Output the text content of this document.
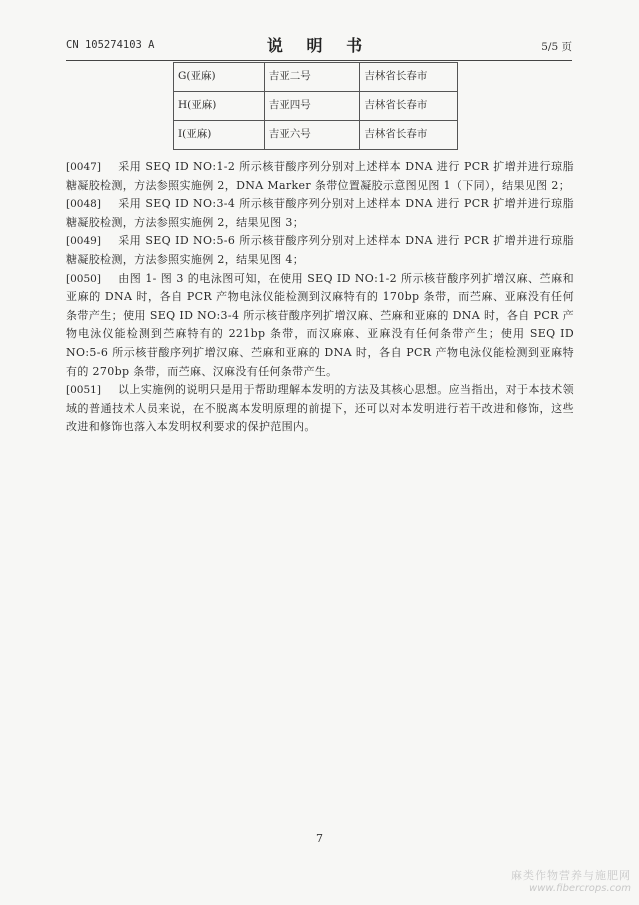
CN 105274103 A	说 明 书	5/5 页
G(亚麻)	吉亚二号	吉林省长春市
H(亚麻)	吉亚四号	吉林省长春市
I(亚麻)	吉亚六号	吉林省长春市

[0047] 采用 SEQ ID NO:1-2 所示核苷酸序列分别对上述样本 DNA 进行 PCR 扩增并进行琼脂糖凝胶检测，方法参照实施例 2，DNA Marker 条带位置凝胶示意图见图 1（下同），结果见图 2；

[0048] 采用 SEQ ID NO:3-4 所示核苷酸序列分别对上述样本 DNA 进行 PCR 扩增并进行琼脂糖凝胶检测，方法参照实施例 2，结果见图 3；

[0049] 采用 SEQ ID NO:5-6 所示核苷酸序列分别对上述样本 DNA 进行 PCR 扩增并进行琼脂糖凝胶检测，方法参照实施例 2，结果见图 4；

[0050] 由图 1- 图 3 的电泳图可知，在使用 SEQ ID NO:1-2 所示核苷酸序列扩增汉麻、苎麻和亚麻的 DNA 时，各自 PCR 产物电泳仪能检测到汉麻特有的 170bp 条带，而苎麻、亚麻没有任何条带产生；使用 SEQ ID NO:3-4 所示核苷酸序列扩增汉麻、苎麻和亚麻的 DNA 时，各自 PCR 产物电泳仪能检测到苎麻特有的 221bp 条带，而汉麻麻、亚麻没有任何条带产生；使用 SEQ ID NO:5-6 所示核苷酸序列扩增汉麻、苎麻和亚麻的 DNA 时，各自 PCR 产物电泳仪能检测到亚麻特有的 270bp 条带，而苎麻、汉麻没有任何条带产生。

[0051] 以上实施例的说明只是用于帮助理解本发明的方法及其核心思想。应当指出，对于本技术领域的普通技术人员来说，在不脱离本发明原理的前提下，还可以对本发明进行若干改进和修饰，这些改进和修饰也落入本发明权利要求的保护范围内。

7
麻类作物营养与施肥网
www.fibercrops.com
